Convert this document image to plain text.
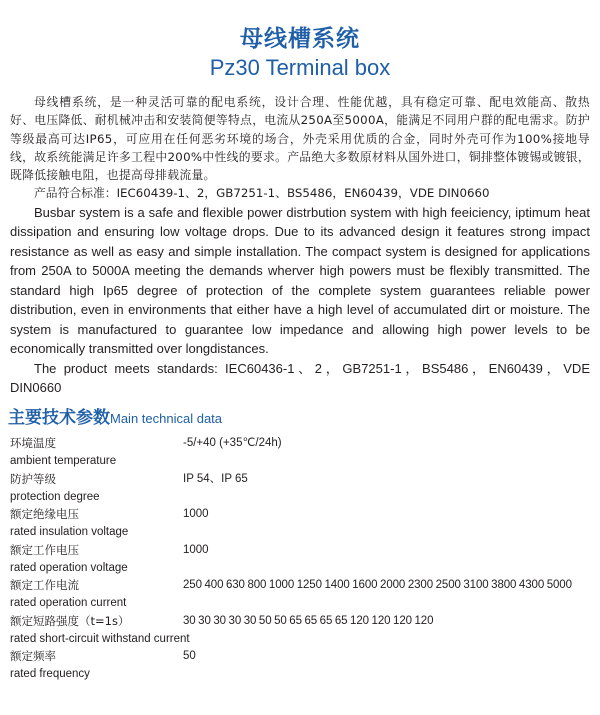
母线槽系统
Pz30 Terminal box

母线槽系统，是一种灵活可靠的配电系统，设计合理、性能优越，具有稳定可靠、配电效能高、散热好、电压降低、耐机械冲击和安装简便等特点，电流从250A至5000A，能满足不同用户群的配电需求。防护等级最高可达IP65，可应用在任何恶劣环境的场合，外壳采用优质的合金，同时外壳可作为100%接地导线，故系统能满足许多工程中200%中性线的要求。产品绝大多数原材料从国外进口，铜排整体镀锡或镀银，既降低接触电阻，也提高母排载流量。

产品符合标准：IEC60439-1、2，GB7251-1、BS5486，EN60439，VDE DIN0660

Busbar system is a safe and flexible power distrbution system with high feeiciency, iptimum heat dissipation and ensuring low voltage drops. Due to its advanced design it features strong impact resistance as well as easy and simple installation. The compact system is designed for applications from 250A to 5000A meeting the demands wherver high powers must be flexibly transmitted. The standard high Ip65 degree of protection of the complete system guarantees reliable power distribution, even in environments that either have a high level of accumulated dirt or moisture. The system is manufactured to guarantee low impedance and allowing high power levels to be economically transmitted over longdistances.

The product meets standards: IEC60436-1、2，GB7251-1，BS5486，EN60439，VDE DIN0660

主要技术参数Main technical data
环境温度	-5/+40 (+35℃/24h)
ambient temperature
防护等级	IP 54、IP 65
protection degree
额定绝缘电压	1000
rated insulation voltage
额定工作电压	1000
rated operation voltage
额定工作电流	250 400 630 800 1000 1250 1400 1600 2000 2300 2500 3100 3800 4300 5000
rated operation current
额定短路强度（t=1s）	30 30 30 30 30 50 50 65 65 65 65 120 120 120 120
rated short-circuit withstand current
额定频率	50
rated frequency
